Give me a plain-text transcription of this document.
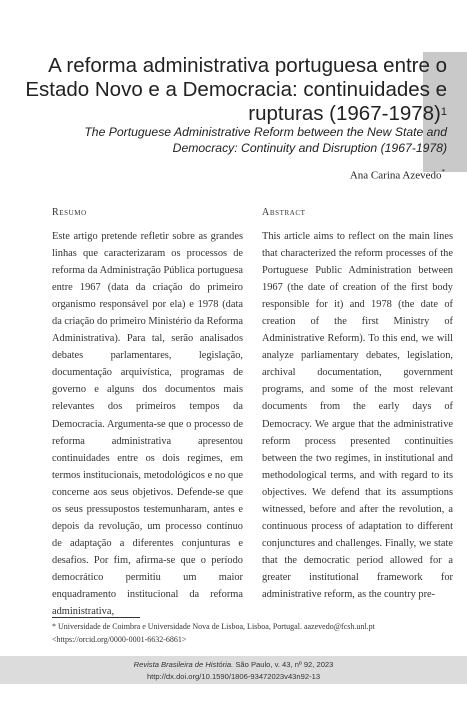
A reforma administrativa portuguesa entre o Estado Novo e a Democracia: continuidades e rupturas (1967-1978)$^1$
The Portuguese Administrative Reform between the New State and Democracy: Continuity and Disruption (1967-1978)
Ana Carina Azevedo*
Resumo
Este artigo pretende refletir sobre as grandes linhas que caracterizaram os processos de reforma da Administração Pública portuguesa entre 1967 (data da criação do primeiro organismo responsável por ela) e 1978 (data da criação do primeiro Ministério da Reforma Administrativa). Para tal, serão analisados debates parlamentares, legislação, documentação arquivística, programas de governo e alguns dos documentos mais relevantes dos primeiros tempos da Democracia. Argumenta-se que o processo de reforma administrativa apresentou continuidades entre os dois regimes, em termos institucionais, metodológicos e no que concerne aos seus objetivos. Defende-se que os seus pressupostos testemunharam, antes e depois da revolução, um processo contínuo de adaptação a diferentes conjunturas e desafios. Por fim, afirma-se que o período democrático permitiu um maior enquadramento institucional da reforma administrativa,
Abstract
This article aims to reflect on the main lines that characterized the reform processes of the Portuguese Public Administration between 1967 (the date of creation of the first body responsible for it) and 1978 (the date of creation of the first Ministry of Administrative Reform). To this end, we will analyze parliamentary debates, legislation, archival documentation, government programs, and some of the most relevant documents from the early days of Democracy. We argue that the administrative reform process presented continuities between the two regimes, in institutional and methodological terms, and with regard to its objectives. We defend that its assumptions witnessed, before and after the revolution, a continuous process of adaptation to different conjunctures and challenges. Finally, we state that the democratic period allowed for a greater institutional framework for administrative reform, as the country pre-
* Universidade de Coimbra e Universidade Nova de Lisboa, Lisboa, Portugal. aazevedo@fcsh.unl.pt <https://orcid.org/0000-0001-6632-6861>
Revista Brasileira de História. São Paulo, v. 43, nº 92, 2023
http://dx.doi.org/10.1590/1806-93472023v43n92-13
